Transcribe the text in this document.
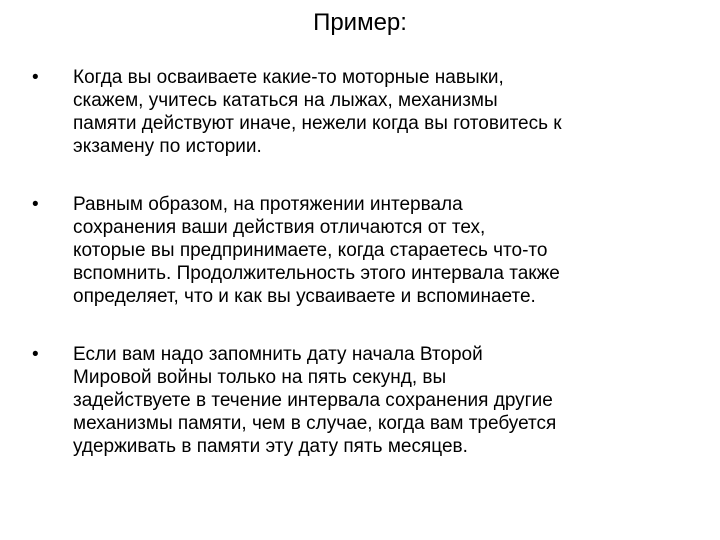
Пример:
• Когда вы осваиваете какие-то моторные навыки,
скажем, учитесь кататься на лыжах, механизмы
памяти действуют иначе, нежели когда вы готовитесь к
экзамену по истории.
• Равным образом, на протяжении интервала
сохранения ваши действия отличаются от тех,
которые вы предпринимаете, когда стараетесь что-то
вспомнить. Продолжительность этого интервала также
определяет, что и как вы усваиваете и вспоминаете.
• Если вам надо запомнить дату начала Второй
Мировой войны только на пять секунд, вы
задействуете в течение интервала сохранения другие
механизмы памяти, чем в случае, когда вам требуется
удерживать в памяти эту дату пять месяцев.
